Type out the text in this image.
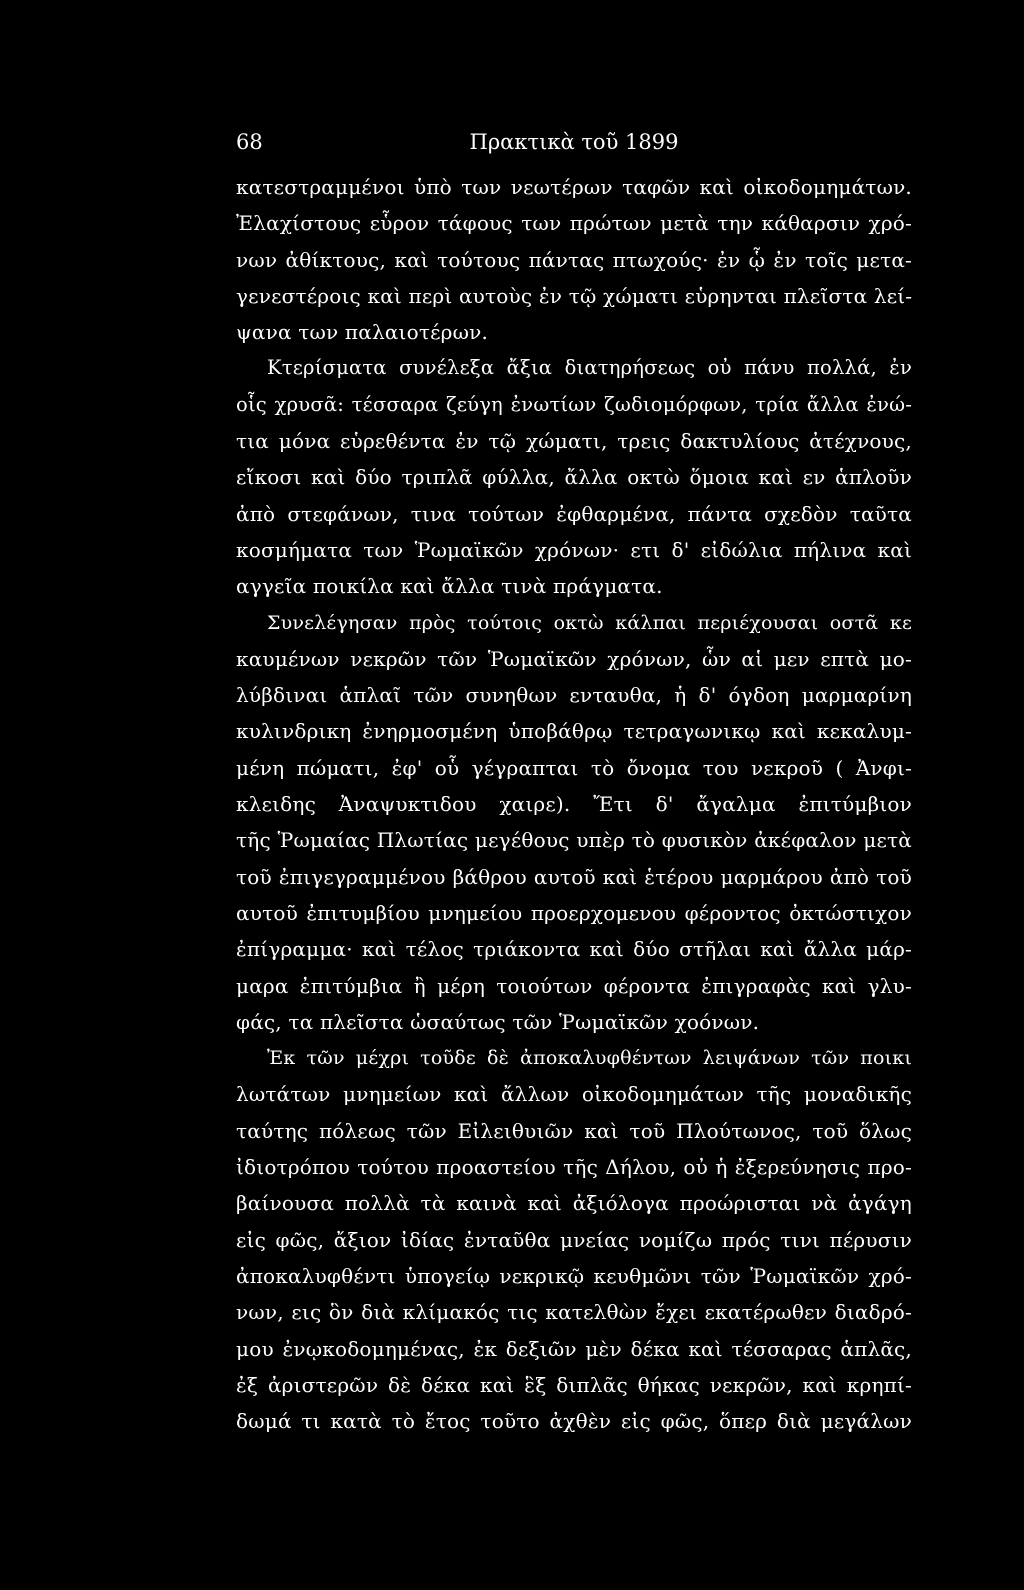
68	Πρακτικὰ τοῦ 1899
κατεστραμμένοι ὑπὸ των νεωτέρων ταφῶν καὶ οἰκοδομημάτων.
Ἐλαχίστους εὗρον τάφους των πρώτων μετὰ την κάθαρσιν χρό-
νων ἀθίκτους, καὶ τούτους πάντας πτωχούς· ἐν ᾧ ἐν τοῖς μετα-
γενεστέροις καὶ περὶ αυτοὺς ἐν τῷ χώματι εὑρηνται πλεῖστα λεί-
ψανα των παλαιοτέρων.
Κτερίσματα συνέλεξα ἄξια διατηρήσεως οὐ πάνυ πολλά, ἐν
οἷς χρυσᾶ: τέσσαρα ζεύγη ἐνωτίων ζωδιομόρφων, τρία ἄλλα ἐνώ-
τια μόνα εὑρεθέντα ἐν τῷ χώματι, τρεις δακτυλίους ἀτέχνους,
εἴκοσι καὶ δύο τριπλᾶ φύλλα, ἄλλα οκτὼ ὅμοια καὶ εν ἁπλοῦν
ἀπὸ στεφάνων, τινα τούτων ἐφθαρμένα, πάντα σχεδὸν ταῦτα
κοσμήματα των Ῥωμαϊκῶν χρόνων· ετι δ' εἰδώλια πήλινα καὶ
αγγεῖα ποικίλα καὶ ἄλλα τινὰ πράγματα.
Συνελέγησαν πρὸς τούτοις οκτὼ κάλπαι περιέχουσαι οστᾶ κε
καυμένων νεκρῶν τῶν Ῥωμαϊκῶν χρόνων, ὧν αἱ μεν επτὰ μο-
λύβδιναι ἁπλαῖ τῶν συνηθων ενταυθα, ἡ δ' όγδοη μαρμαρίνη
κυλινδρικη ἐνηρμοσμένη ὑποβάθρῳ τετραγωνικῳ καὶ κεκαλυμ-
μένη πώματι, ἐφ' οὗ γέγραπται τὸ ὄνομα του νεκροῦ ( Ἀνφι-
κλειδης Ἀναψυκτιδου χαιρε). Ἔτι δ' ἄγαλμα ἐπιτύμβιον
τῆς Ῥωμαίας Πλωτίας μεγέθους υπὲρ τὸ φυσικὸν ἀκέφαλον μετὰ
τοῦ ἐπιγεγραμμένου βάθρου αυτοῦ καὶ ἑτέρου μαρμάρου ἀπὸ τοῦ
αυτοῦ ἐπιτυμβίου μνημείου προερχομενου φέροντος ὀκτώστιχον
ἐπίγραμμα· καὶ τέλος τριάκοντα καὶ δύο στῆλαι καὶ ἄλλα μάρ-
μαρα ἐπιτύμβια ἢ μέρη τοιούτων φέροντα ἐπιγραφὰς καὶ γλυ-
φάς, τα πλεῖστα ὡσαύτως τῶν Ῥωμαϊκῶν χοόνων.
Ἐκ τῶν μέχρι τοῦδε δὲ ἀποκαλυφθέντων λειψάνων τῶν ποικι
λωτάτων μνημείων καὶ ἄλλων οἰκοδομημάτων τῆς μοναδικῆς
ταύτης πόλεως τῶν Εἰλειθυιῶν καὶ τοῦ Πλούτωνος, τοῦ ὅλως
ἰδιοτρόπου τούτου προαστείου τῆς Δήλου, οὐ ἡ ἐξερεύνησις προ-
βαίνουσα πολλὰ τὰ καινὰ καὶ ἀξιόλογα προώρισται νὰ ἀγάγη
εἰς φῶς, ἄξιον ἰδίας ἐνταῦθα μνείας νομίζω πρός τινι πέρυσιν
ἀποκαλυφθέντι ὑπογείῳ νεκρικῷ κευθμῶνι τῶν Ῥωμαϊκῶν χρό-
νων, εις ὃν διὰ κλίμακός τις κατελθὼν ἔχει εκατέρωθεν διαδρό-
μου ἐνῳκοδομημένας, ἐκ δεξιῶν μὲν δέκα καὶ τέσσαρας ἁπλᾶς,
ἐξ ἀριστερῶν δὲ δέκα καὶ ἓξ διπλᾶς θήκας νεκρῶν, καὶ κρηπί-
δωμά τι κατὰ τὸ ἔτος τοῦτο ἀχθὲν εἰς φῶς, ὅπερ διὰ μεγάλων
